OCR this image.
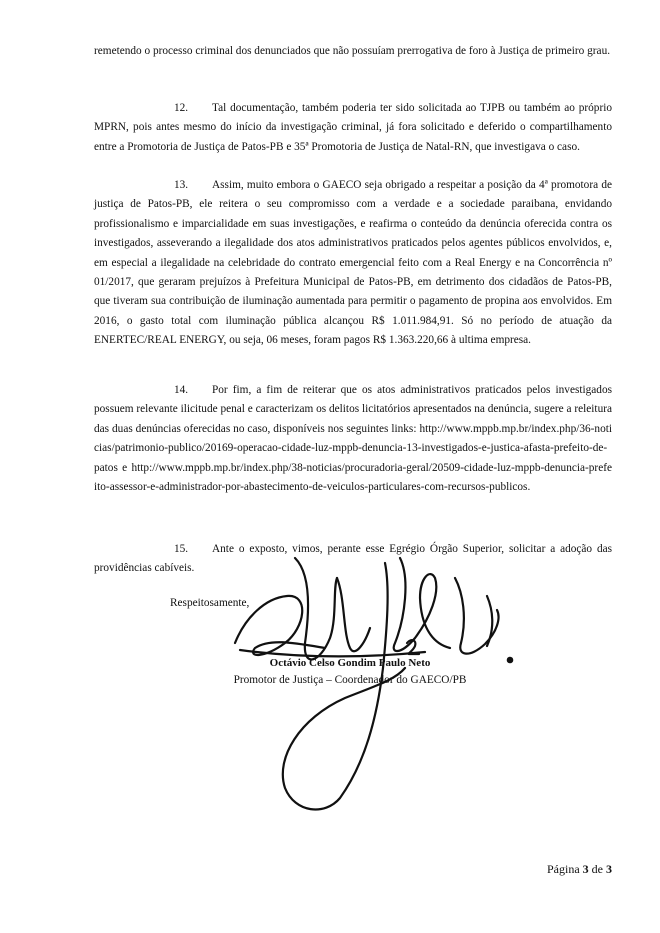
remetendo o processo criminal dos denunciados que não possuíam prerrogativa de foro à Justiça de primeiro grau.

12. Tal documentação, também poderia ter sido solicitada ao TJPB ou também ao próprio MPRN, pois antes mesmo do início da investigação criminal, já fora solicitado e deferido o compartilhamento entre a Promotoria de Justiça de Patos-PB e 35ª Promotoria de Justiça de Natal-RN, que investigava o caso.

13. Assim, muito embora o GAECO seja obrigado a respeitar a posição da 4ª promotora de justiça de Patos-PB, ele reitera o seu compromisso com a verdade e a sociedade paraibana, envidando profissionalismo e imparcialidade em suas investigações, e reafirma o conteúdo da denúncia oferecida contra os investigados, asseverando a ilegalidade dos atos administrativos praticados pelos agentes públicos envolvidos, e, em especial a ilegalidade na celebridade do contrato emergencial feito com a Real Energy e na Concorrência nº 01/2017, que geraram prejuízos à Prefeitura Municipal de Patos-PB, em detrimento dos cidadãos de Patos-PB, que tiveram sua contribuição de iluminação aumentada para permitir o pagamento de propina aos envolvidos. Em 2016, o gasto total com iluminação pública alcançou R$ 1.011.984,91. Só no período de atuação da ENERTEC/REAL ENERGY, ou seja, 06 meses, foram pagos R$ 1.363.220,66 à ultima empresa.

14. Por fim, a fim de reiterar que os atos administrativos praticados pelos investigados possuem relevante ilicitude penal e caracterizam os delitos licitatórios apresentados na denúncia, sugere a releitura das duas denúncias oferecidas no caso, disponíveis nos seguintes links: http://www.mppb.mp.br/index.php/36-noticias/patrimonio-publico/20169-operacao-cidade-luz-mppb-denuncia-13-investigados-e-justica-afasta-prefeito-de-patos e http://www.mppb.mp.br/index.php/38-noticias/procuradoria-geral/20509-cidade-luz-mppb-denuncia-prefeito-assessor-e-administrador-por-abastecimento-de-veiculos-particulares-com-recursos-publicos.

15. Ante o exposto, vimos, perante esse Egrégio Órgão Superior, solicitar a adoção das providências cabíveis.

Respeitosamente,

Octávio Celso Gondim Paulo Neto

Promotor de Justiça – Coordenador do GAECO/PB

Página 3 de 3
